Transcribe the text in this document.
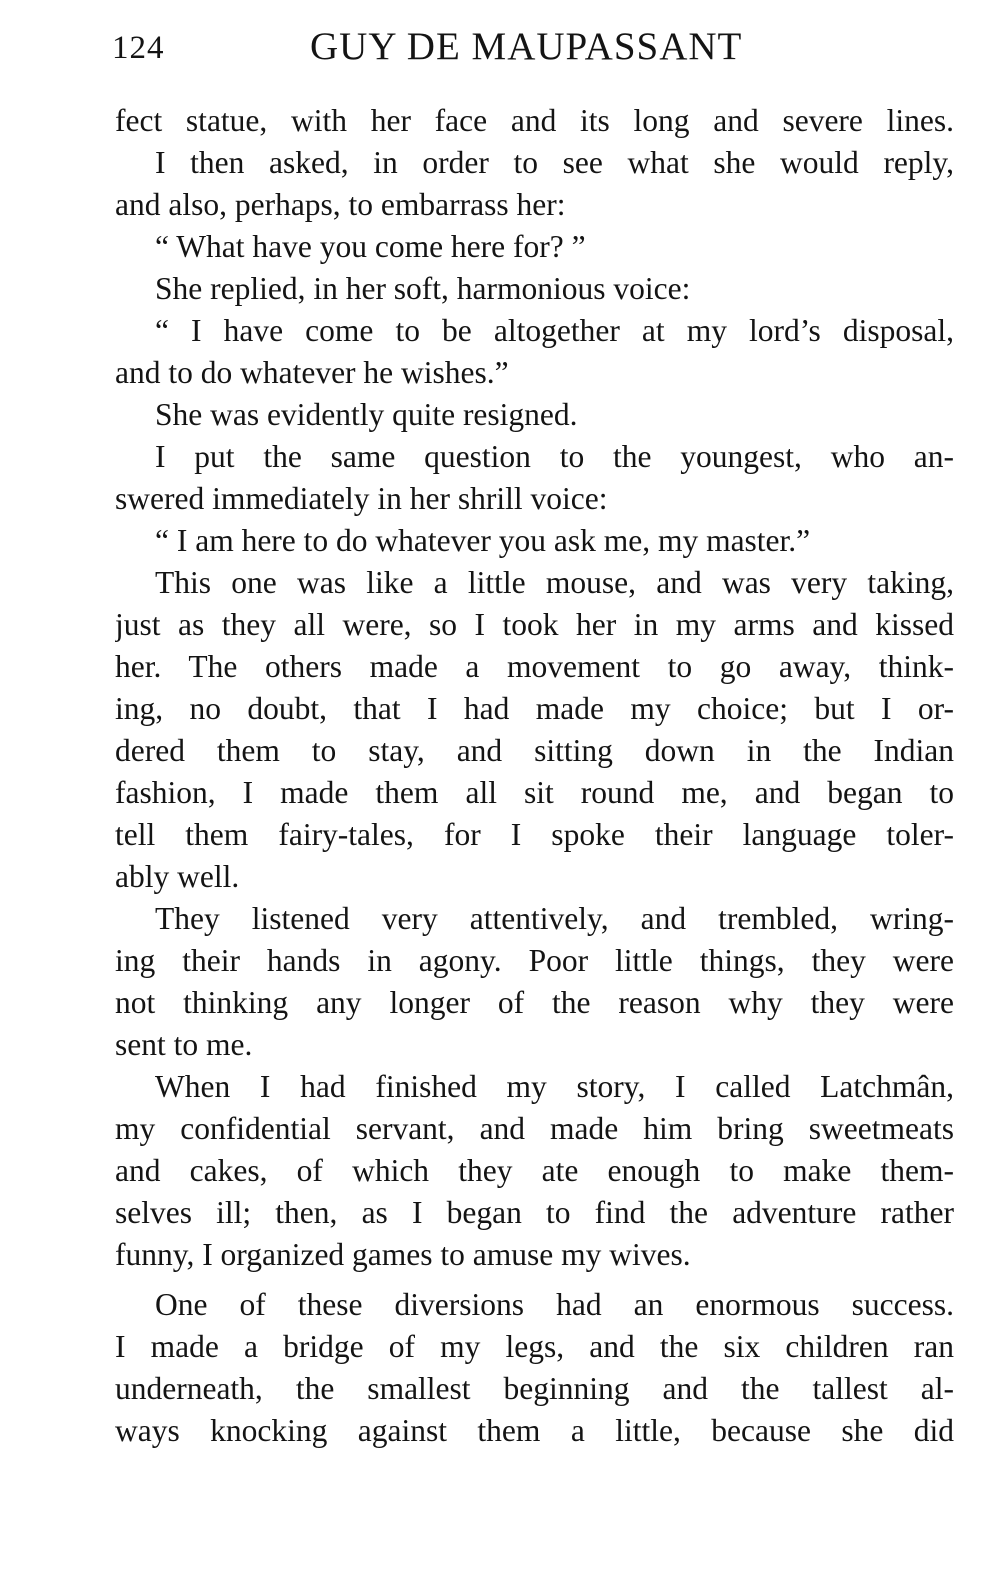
124	GUY DE MAUPASSANT
fect statue, with her face and its long and severe lines.
I then asked, in order to see what she would reply,
and also, perhaps, to embarrass her:
“ What have you come here for? ”
She replied, in her soft, harmonious voice:
“ I have come to be altogether at my lord’s disposal,
and to do whatever he wishes.”
She was evidently quite resigned.
I put the same question to the youngest, who an-
swered immediately in her shrill voice:
“ I am here to do whatever you ask me, my master.”
This one was like a little mouse, and was very taking,
just as they all were, so I took her in my arms and kissed
her. The others made a movement to go away, think-
ing, no doubt, that I had made my choice; but I or-
dered them to stay, and sitting down in the Indian
fashion, I made them all sit round me, and began to
tell them fairy-tales, for I spoke their language toler-
ably well.
They listened very attentively, and trembled, wring-
ing their hands in agony. Poor little things, they were
not thinking any longer of the reason why they were
sent to me.
When I had finished my story, I called Latchmân,
my confidential servant, and made him bring sweetmeats
and cakes, of which they ate enough to make them-
selves ill; then, as I began to find the adventure rather
funny, I organized games to amuse my wives.
One of these diversions had an enormous success.
I made a bridge of my legs, and the six children ran
underneath, the smallest beginning and the tallest al-
ways knocking against them a little, because she did
